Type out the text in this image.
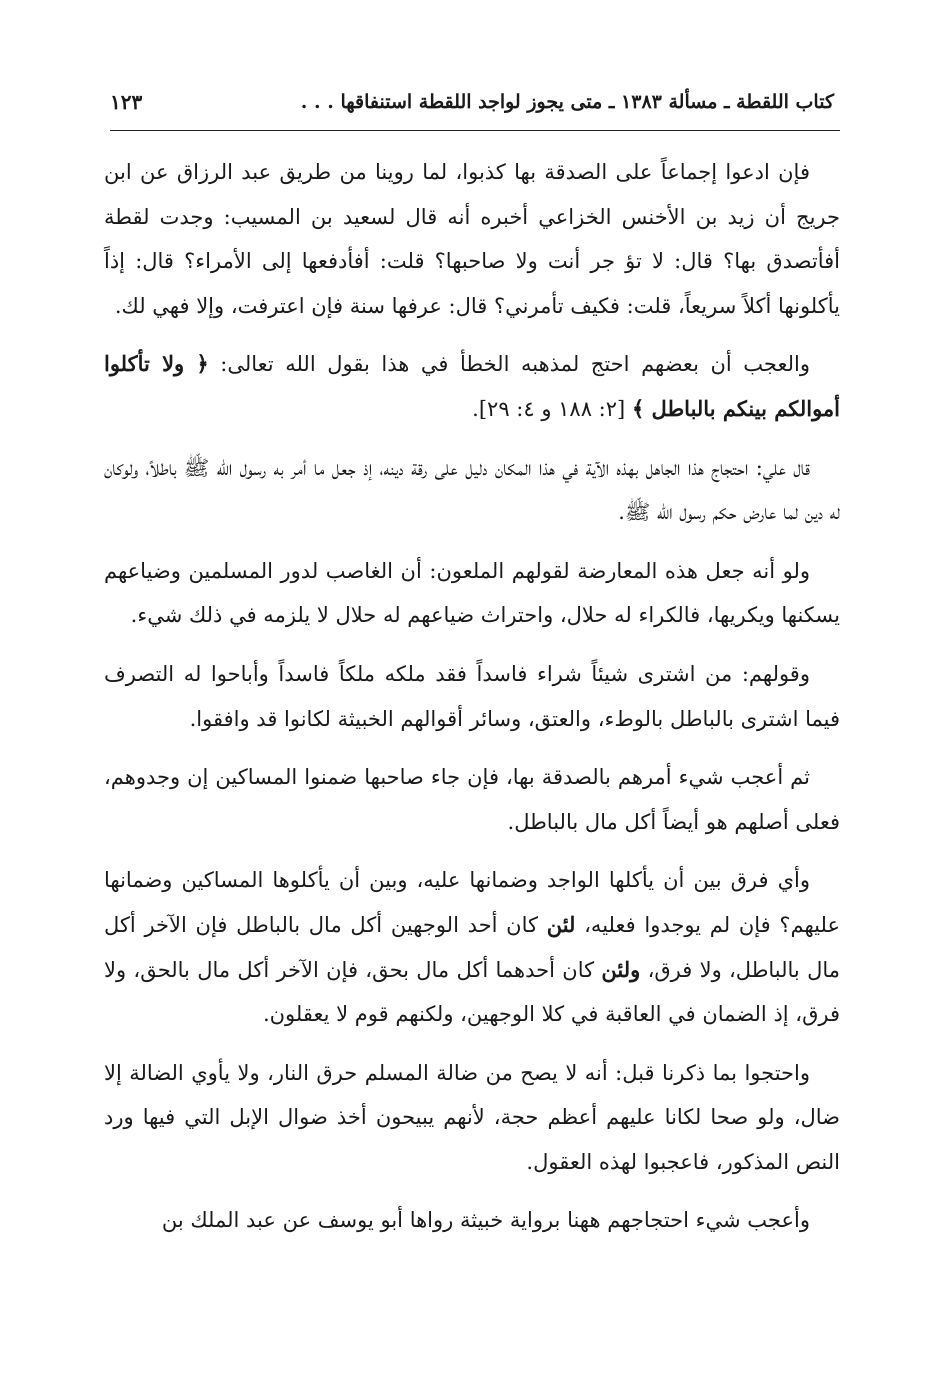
كتاب اللقطة ـ مسألة ١٣٨٣ ـ متى يجوز لواجد اللقطة استنفاقها . . .
١٢٣

فإن ادعوا إجماعاً على الصدقة بها كذبوا، لما روينا من طريق عبد الرزاق عن ابن جريج أن زيد بن الأخنس الخزاعي أخبره أنه قال لسعيد بن المسيب: وجدت لقطة أفأتصدق بها؟ قال: لا تؤ جر أنت ولا صاحبها؟ قلت: أفأدفعها إلى الأمراء؟ قال: إذاً يأكلونها أكلاً سريعاً، قلت: فكيف تأمرني؟ قال: عرفها سنة فإن اعترفت، وإلا فهي لك.

والعجب أن بعضهم احتج لمذهبه الخطأ في هذا بقول الله تعالى: ﴿ ولا تأكلوا أموالكم بينكم بالباطل ﴾ [٢: ١٨٨ و ٤: ٢٩].

قال علي: احتجاج هذا الجاهل بهذه الآية في هذا المكان دليل على رقة دينه، إذ جعل ما أمر به رسول الله ﷺ باطلاً، ولوكان له دين لما عارض حكم رسول الله ﷺ.

ولو أنه جعل هذه المعارضة لقولهم الملعون: أن الغاصب لدور المسلمين وضياعهم يسكنها ويكريها، فالكراء له حلال، واحتراث ضياعهم له حلال لا يلزمه في ذلك شيء.

وقولهم: من اشترى شيئاً شراء فاسداً فقد ملكه ملكاً فاسداً وأباحوا له التصرف فيما اشترى بالباطل بالوطء، والعتق، وسائر أقوالهم الخبيثة لكانوا قد وافقوا.

ثم أعجب شيء أمرهم بالصدقة بها، فإن جاء صاحبها ضمنوا المساكين إن وجدوهم، فعلى أصلهم هو أيضاً أكل مال بالباطل.

وأي فرق بين أن يأكلها الواجد وضمانها عليه، وبين أن يأكلوها المساكين وضمانها عليهم؟ فإن لم يوجدوا فعليه، لئن كان أحد الوجهين أكل مال بالباطل فإن الآخر أكل مال بالباطل، ولا فرق، ولئن كان أحدهما أكل مال بحق، فإن الآخر أكل مال بالحق، ولا فرق، إذ الضمان في العاقبة في كلا الوجهين، ولكنهم قوم لا يعقلون.

واحتجوا بما ذكرنا قبل: أنه لا يصح من ضالة المسلم حرق النار، ولا يأوي الضالة إلا ضال، ولو صحا لكانا عليهم أعظم حجة، لأنهم يبيحون أخذ ضوال الإبل التي فيها ورد النص المذكور، فاعجبوا لهذه العقول.

وأعجب شيء احتجاجهم ههنا برواية خبيثة رواها أبو يوسف عن عبد الملك بن
